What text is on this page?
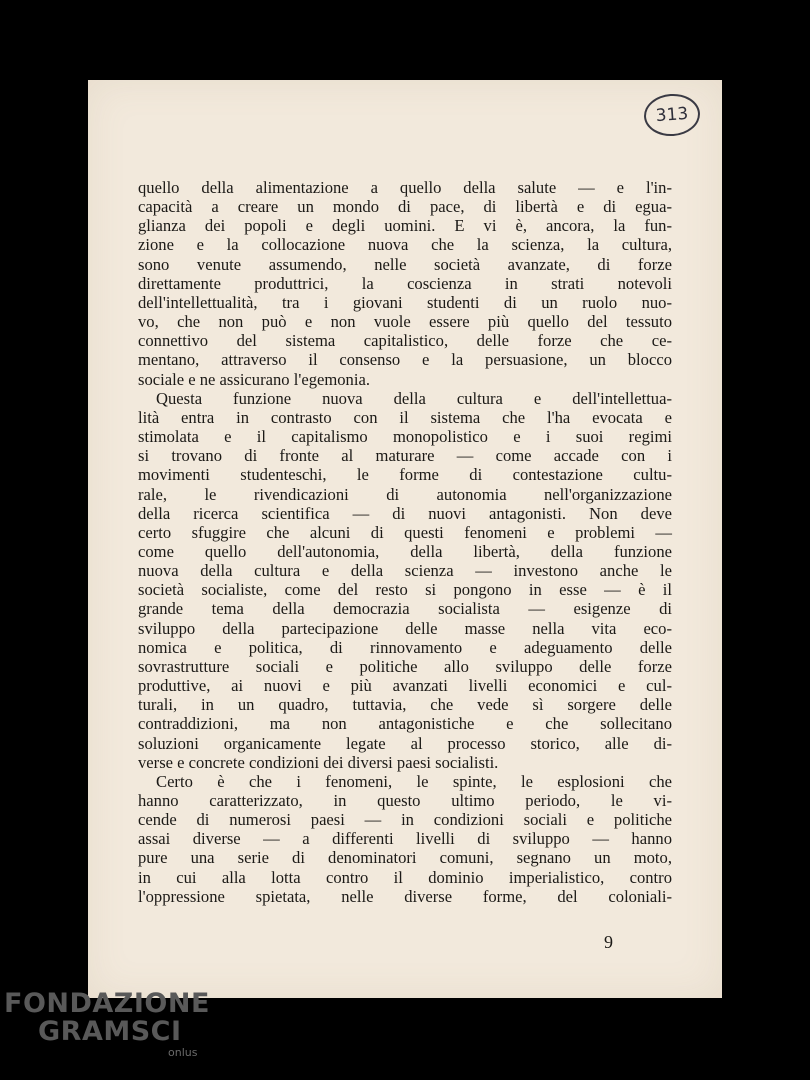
313
quello della alimentazione a quello della salute — e l'in-
capacità a creare un mondo di pace, di libertà e di egua-
glianza dei popoli e degli uomini. E vi è, ancora, la fun-
zione e la collocazione nuova che la scienza, la cultura,
sono venute assumendo, nelle società avanzate, di forze
direttamente produttrici, la coscienza in strati notevoli
dell'intellettualità, tra i giovani studenti di un ruolo nuo-
vo, che non può e non vuole essere più quello del tessuto
connettivo del sistema capitalistico, delle forze che ce-
mentano, attraverso il consenso e la persuasione, un blocco
sociale e ne assicurano l'egemonia.
Questa funzione nuova della cultura e dell'intellettua-
lità entra in contrasto con il sistema che l'ha evocata e
stimolata e il capitalismo monopolistico e i suoi regimi
si trovano di fronte al maturare — come accade con i
movimenti studenteschi, le forme di contestazione cultu-
rale, le rivendicazioni di autonomia nell'organizzazione
della ricerca scientifica — di nuovi antagonisti. Non deve
certo sfuggire che alcuni di questi fenomeni e problemi —
come quello dell'autonomia, della libertà, della funzione
nuova della cultura e della scienza — investono anche le
società socialiste, come del resto si pongono in esse — è il
grande tema della democrazia socialista — esigenze di
sviluppo della partecipazione delle masse nella vita eco-
nomica e politica, di rinnovamento e adeguamento delle
sovrastrutture sociali e politiche allo sviluppo delle forze
produttive, ai nuovi e più avanzati livelli economici e cul-
turali, in un quadro, tuttavia, che vede sì sorgere delle
contraddizioni, ma non antagonistiche e che sollecitano
soluzioni organicamente legate al processo storico, alle di-
verse e concrete condizioni dei diversi paesi socialisti.
Certo è che i fenomeni, le spinte, le esplosioni che
hanno caratterizzato, in questo ultimo periodo, le vi-
cende di numerosi paesi — in condizioni sociali e politiche
assai diverse — a differenti livelli di sviluppo — hanno
pure una serie di denominatori comuni, segnano un moto,
in cui alla lotta contro il dominio imperialistico, contro
l'oppressione spietata, nelle diverse forme, del coloniali-
9
FONDAZIONE
GRAMSCI
onlus
